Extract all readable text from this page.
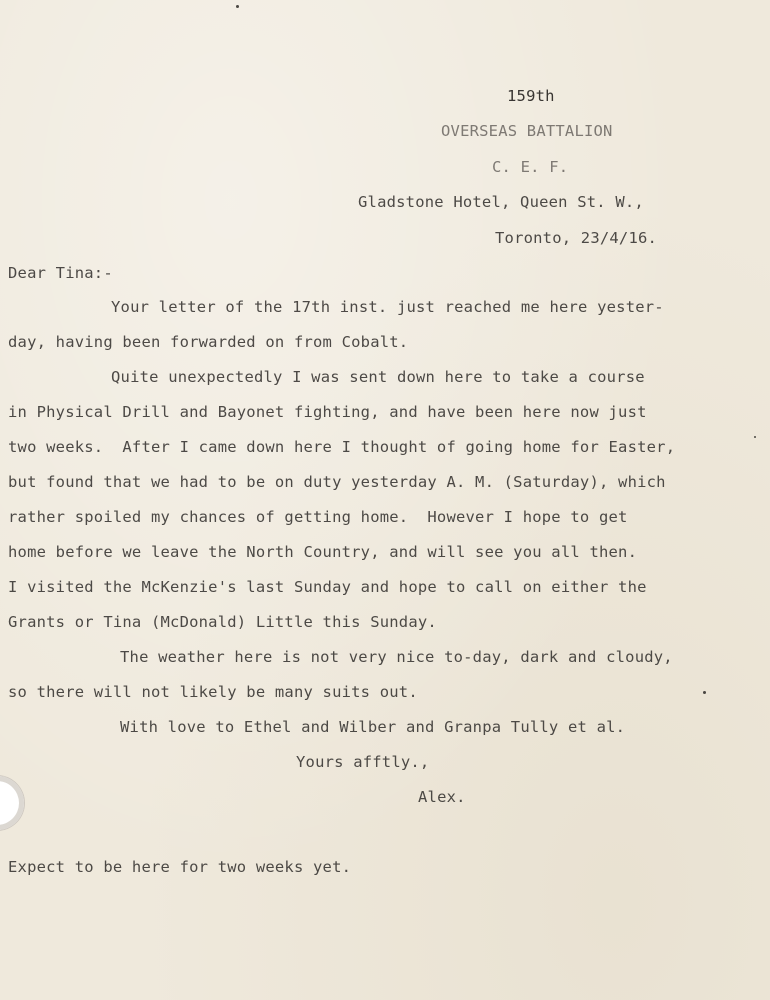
159th
OVERSEAS BATTALION
C. E. F.
Gladstone Hotel, Queen St. W.,
Toronto, 23/4/16.
Dear Tina:-
Your letter of the 17th inst. just reached me here yester-
day, having been forwarded on from Cobalt.
Quite unexpectedly I was sent down here to take a course
in Physical Drill and Bayonet fighting, and have been here now just
two weeks.  After I came down here I thought of going home for Easter,
but found that we had to be on duty yesterday A. M. (Saturday), which
rather spoiled my chances of getting home.  However I hope to get
home before we leave the North Country, and will see you all then.
I visited the McKenzie's last Sunday and hope to call on either the
Grants or Tina (McDonald) Little this Sunday.
The weather here is not very nice to-day, dark and cloudy,
so there will not likely be many suits out.
With love to Ethel and Wilber and Granpa Tully et al.
Yours afftly.,
Alex.
Expect to be here for two weeks yet.
